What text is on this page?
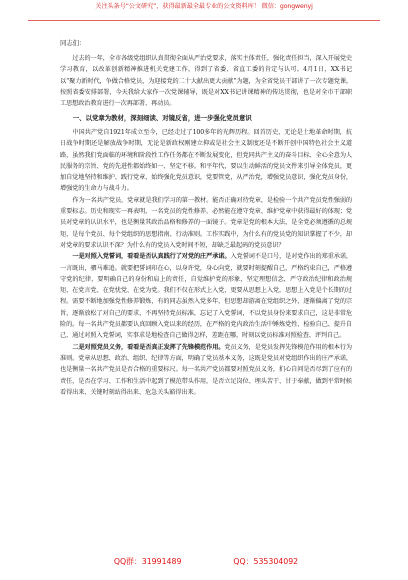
关注头条号“公文研究”，获得最新最全最专业的公文资料库！ 微信：gongwenyj

同志们：

过去的一年，全市各级党组织认真贯彻全面从严治党要求，落实主体责任，强化责任担当，深入开展党史学习教育，以改革创新精神推进机关党建工作，得到了省委、省直工委的肯定与认可。4月1日，XX书记以“聚力新时代，争做合格党员，为迎接党的二十大献出更大贡献”为题，为全省党员干部讲了一次专题党课。按照省委安排部署，今天我给大家作一次党课辅导，既是对XX书记讲课精神的传达贯彻，也是对全市干部职工思想政治教育进行一次再部署、再动员。

一、以党章为教材，深刻细读、对镜反省，进一步强化党员意识

中国共产党自1921年成立至今，已经走过了100多年的光辉历程。回首历史，无论是土地革命时期，抗日战争时期还是解放战争时期，无论是新政权刚建立抑或是社会主义制度还是不断开创中国特色社会主义道路，虽然我们党面临的环境和阶段性工作任务都在不断发展变化，但党同共产主义的奋斗目标、全心全意为人民服务的宗旨、党的先进性都始终如一、坚定不移。和平年代，要以生动鲜活的党员文件来引导全体党员，更加自觉地坚持和维护、践行党章，始终强化党员意识，党要管党，从严治党，增强党员意识，强化党员身份，增强党的生命力与战斗力。

作为一名共产党员，党章就是我们学习的第一教材。能否正确对待党章，是检验一个共产党员党性强弱的重要标志。历史和现实一再表明，一名党员的党性修养，必然能在遵守党章、维护党章中获得最好的体现；党员对党章的认识水平，也是衡量其政治品格和修养的一面镜子。党章是党的根本大法，是全党必须遵循的总规矩，是每个党员、每个党组织的思想指南、行动准则。工作实践中，为什么有的党员党的知识掌握了不少，却对党章的要求认识不深？为什么有的党员入党时间不短，却缺乏最起码的党员意识？

一是对照入党誓词，看看是否认真践行了对党的庄严承诺。入党誓词不是口号，是对党作出的郑重承诺，一言既出，驷马难追。就要把誓词印在心，以身许党，身心向党，就要时刻提醒自己，严格约束自己，严格遵守党的纪律，要明确自己的身份和肩上的责任，自觉维护党的形象，坚定理想信念，严守政治纪律和政治规矩，在党言党、在党忧党、在党为党。我们不仅在形式上入党，更要从思想上入党，思想上入党是个长期的过程。需要不断地加强党性修养锻炼，有的同志虽然入党多年，但思想却游离在党组织之外，逐渐偏离了党的宗旨，逐渐放松了对自己的要求，不再坚持党员标准，忘记了入党誓词，不以党员身份来要求自己，这是非常危险的。每一名共产党员都要认真回顾入党以来的经历，在严格的党内政治生活中锤炼党性、检验自己、提升自己，通过对照入党誓词，实事求是地检查自己做得怎样，差距在哪，时刻以党员标准对照检查、评判自己。

二是对照党员义务，看看是否真正发挥了先锋模范作用。党员义务，是党员发挥先锋模范作用的根本行为准则。党章从思想、政治、组织、纪律等方面，明确了党员基本义务，这既是党员对党组织作出的庄严承诺，也是衡量一名共产党员是否合格的重要标尺。每一名共产党员都要对照党员义务，扪心自问是否尽到了应有的责任，是否在学习、工作和生活中起到了模范带头作用，是否立足岗位、埋头苦干、甘于奉献，做到平常时候看得出来、关键时刻站得出来、危急关头豁得出来。

QQ群：31991489	QQ：535304092
